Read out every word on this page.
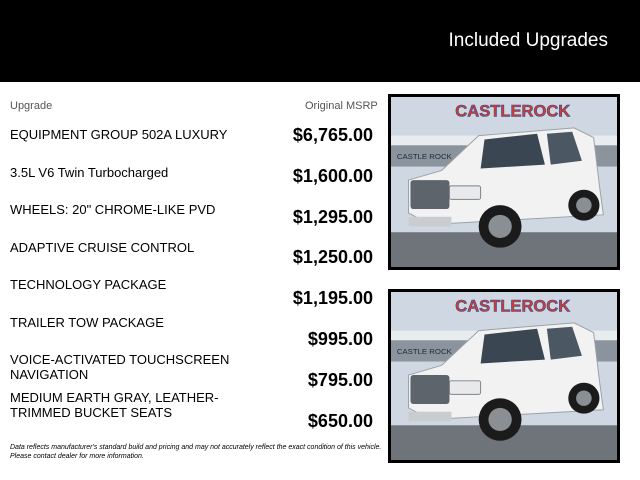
Included Upgrades
Upgrade	Original MSRP
EQUIPMENT GROUP 502A LUXURY
3.5L V6 Twin Turbocharged
WHEELS: 20" CHROME-LIKE PVD
ADAPTIVE CRUISE CONTROL
TECHNOLOGY PACKAGE
TRAILER TOW PACKAGE
VOICE-ACTIVATED TOUCHSCREEN NAVIGATION
MEDIUM EARTH GRAY, LEATHER-TRIMMED BUCKET SEATS
$6,765.00
$1,600.00
$1,295.00
$1,250.00
$1,195.00
$995.00
$795.00
$650.00
Data reflects manufacturer's standard build and pricing and may not accurately reflect the exact condition of this vehicle. Please contact dealer for more information.
CASTLE ROCK
CASTLEROCK
CASTLE ROCK
CASTLEROCK
